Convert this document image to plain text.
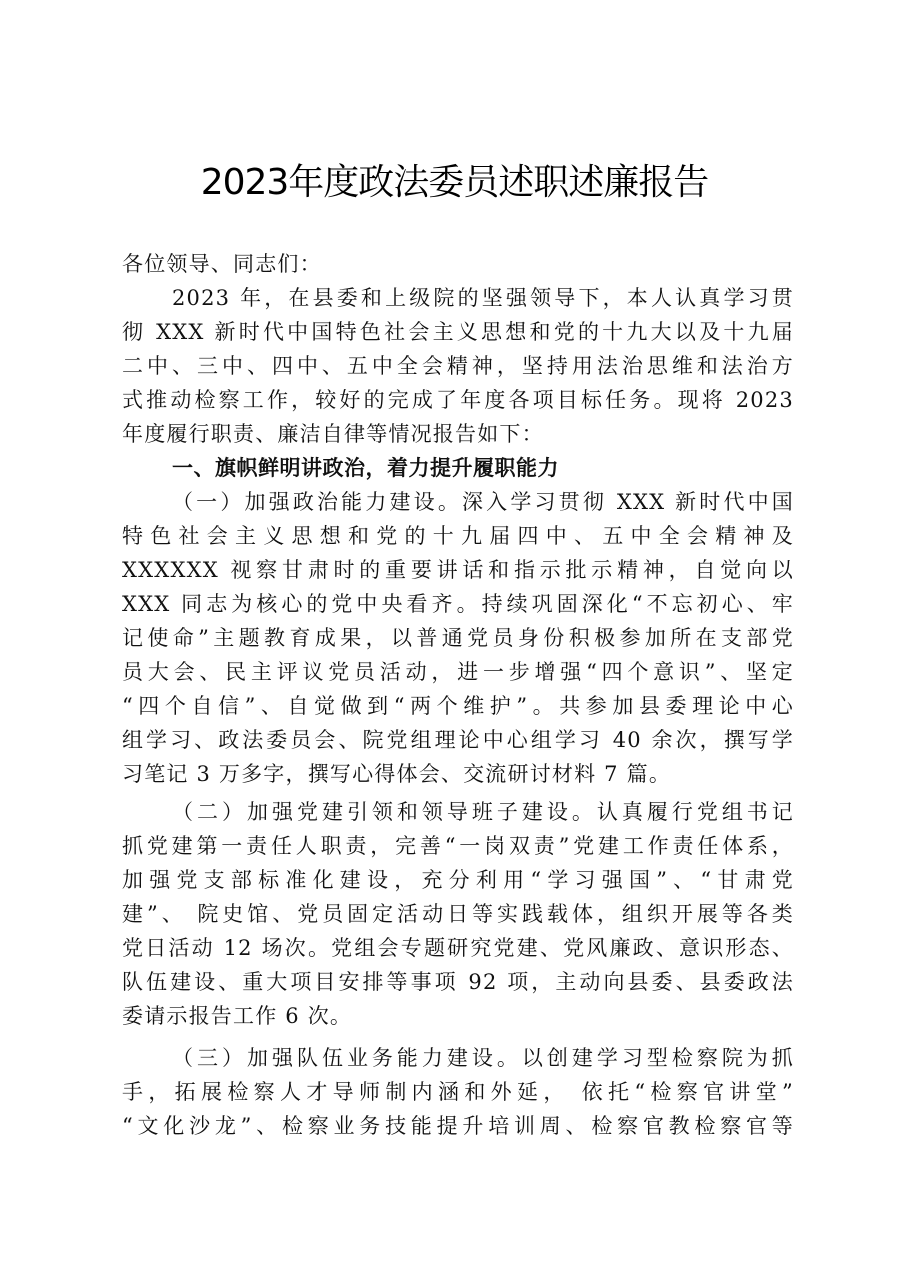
2023年度政法委员述职述廉报告
各位领导、同志们：
2023 年，在县委和上级院的坚强领导下，本人认真学习贯
彻 XXX 新时代中国特色社会主义思想和党的十九大以及十九届
二中、三中、四中、五中全会精神，坚持用法治思维和法治方
式推动检察工作，较好的完成了年度各项目标任务。现将 2023
年度履行职责、廉洁自律等情况报告如下：
一、旗帜鲜明讲政治，着力提升履职能力
（一）加强政治能力建设。深入学习贯彻 XXX 新时代中国
特色社会主义思想和党的十九届四中、五中全会精神及
XXXXXX 视察甘肃时的重要讲话和指示批示精神，自觉向以
XXX 同志为核心的党中央看齐。持续巩固深化“不忘初心、牢
记使命”主题教育成果，以普通党员身份积极参加所在支部党
员大会、民主评议党员活动，进一步增强“四个意识”、坚定
“四个自信”、自觉做到“两个维护”。共参加县委理论中心
组学习、政法委员会、院党组理论中心组学习 40 余次，撰写学
习笔记 3 万多字，撰写心得体会、交流研讨材料 7 篇。
（二）加强党建引领和领导班子建设。认真履行党组书记
抓党建第一责任人职责，完善“一岗双责”党建工作责任体系，
加强党支部标准化建设，充分利用“学习强国”、“甘肃党
建”、 院史馆、党员固定活动日等实践载体，组织开展等各类
党日活动 12 场次。党组会专题研究党建、党风廉政、意识形态、
队伍建设、重大项目安排等事项 92 项，主动向县委、县委政法
委请示报告工作 6 次。
（三）加强队伍业务能力建设。以创建学习型检察院为抓
手，拓展检察人才导师制内涵和外延， 依托“检察官讲堂”
“文化沙龙”、检察业务技能提升培训周、检察官教检察官等
